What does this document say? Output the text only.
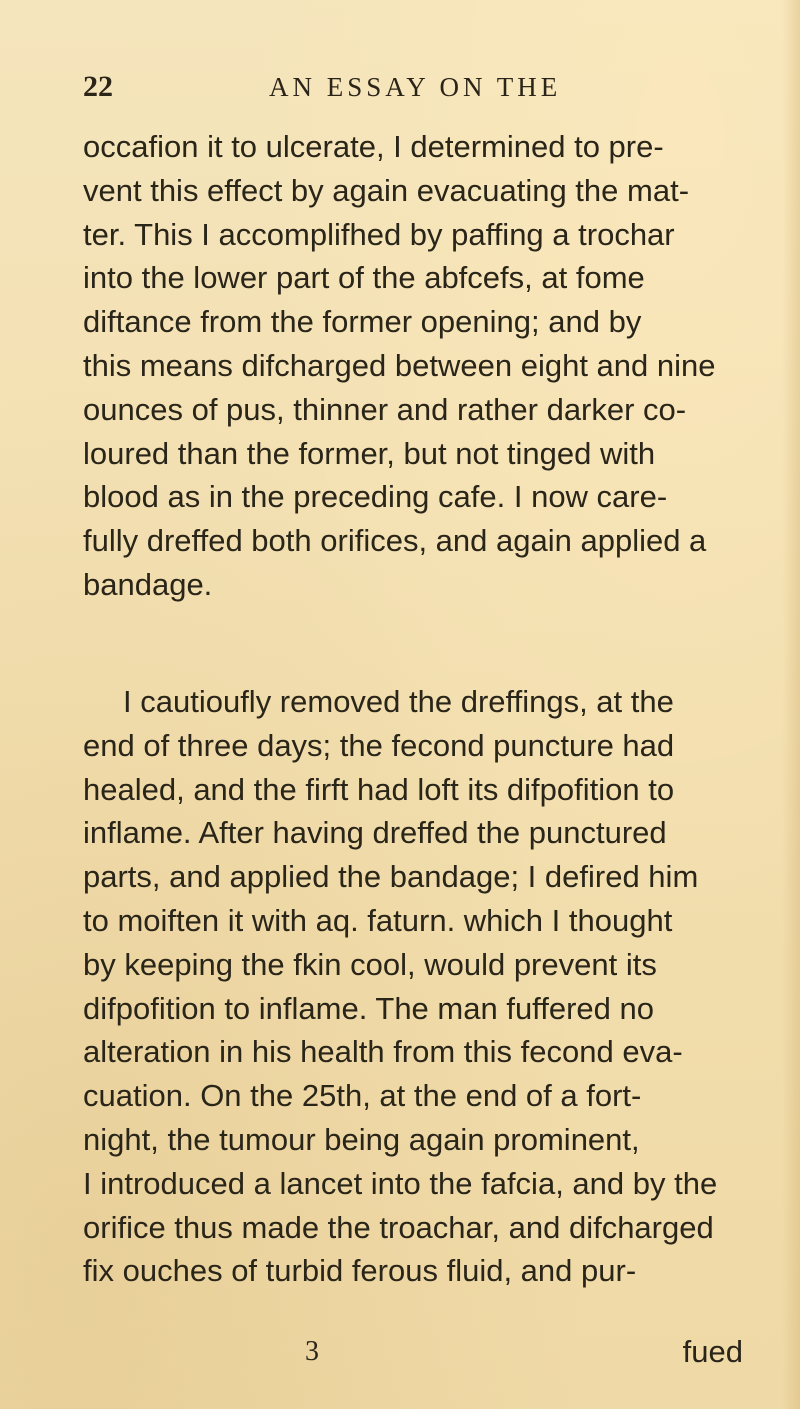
22	AN ESSAY ON THE
occafion it to ulcerate, I determined to pre-
vent this effect by again evacuating the mat-
ter. This I accomplifhed by paffing a trochar
into the lower part of the abfcefs, at fome
diftance from the former opening; and by
this means difcharged between eight and nine
ounces of pus, thinner and rather darker co-
loured than the former, but not tinged with
blood as in the preceding cafe. I now care-
fully dreffed both orifices, and again applied a
bandage.
I cautioufly removed the dreffings, at the
end of three days; the fecond puncture had
healed, and the firft had loft its difpofition to
inflame. After having dreffed the punctured
parts, and applied the bandage; I defired him
to moiften it with aq. faturn. which I thought
by keeping the fkin cool, would prevent its
difpofition to inflame. The man fuffered no
alteration in his health from this fecond eva-
cuation. On the 25th, at the end of a fort-
night, the tumour being again prominent,
I introduced a lancet into the fafcia, and by the
orifice thus made the troachar, and difcharged
fix ouches of turbid ferous fluid, and pur-
3	fued
